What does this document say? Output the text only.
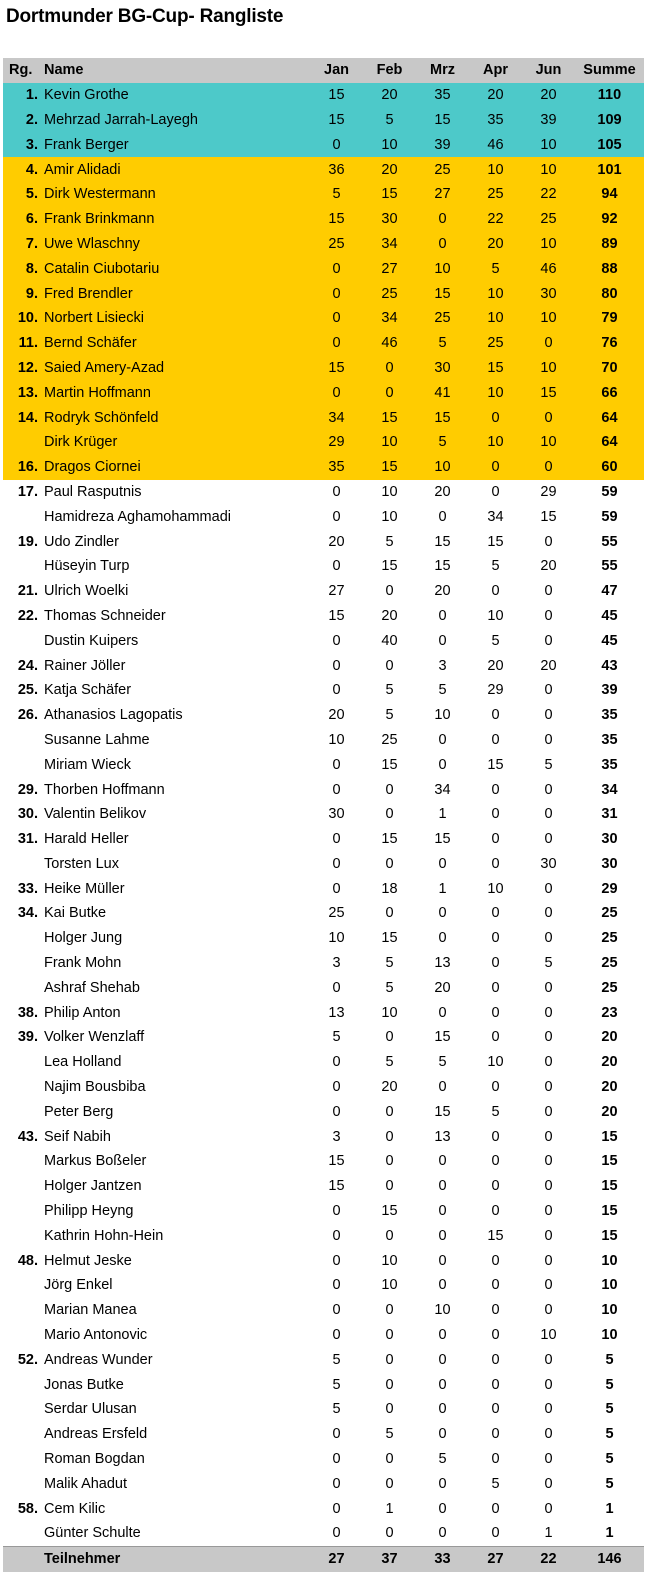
Dortmunder BG-Cup- Rangliste
Rg.	Name	Jan	Feb	Mrz	Apr	Jun	Summe
1.	Kevin Grothe	15	20	35	20	20	110
2.	Mehrzad Jarrah-Layegh	15	5	15	35	39	109
3.	Frank Berger	0	10	39	46	10	105
4.	Amir Alidadi	36	20	25	10	10	101
5.	Dirk Westermann	5	15	27	25	22	94
6.	Frank Brinkmann	15	30	0	22	25	92
7.	Uwe Wlaschny	25	34	0	20	10	89
8.	Catalin Ciubotariu	0	27	10	5	46	88
9.	Fred Brendler	0	25	15	10	30	80
10.	Norbert Lisiecki	0	34	25	10	10	79
11.	Bernd Schäfer	0	46	5	25	0	76
12.	Saied Amery-Azad	15	0	30	15	10	70
13.	Martin Hoffmann	0	0	41	10	15	66
14.	Rodryk Schönfeld	34	15	15	0	0	64
	Dirk Krüger	29	10	5	10	10	64
16.	Dragos Ciornei	35	15	10	0	0	60
17.	Paul Rasputnis	0	10	20	0	29	59
	Hamidreza Aghamohammadi	0	10	0	34	15	59
19.	Udo Zindler	20	5	15	15	0	55
	Hüseyin Turp	0	15	15	5	20	55
21.	Ulrich Woelki	27	0	20	0	0	47
22.	Thomas Schneider	15	20	0	10	0	45
	Dustin Kuipers	0	40	0	5	0	45
24.	Rainer Jöller	0	0	3	20	20	43
25.	Katja Schäfer	0	5	5	29	0	39
26.	Athanasios Lagopatis	20	5	10	0	0	35
	Susanne Lahme	10	25	0	0	0	35
	Miriam Wieck	0	15	0	15	5	35
29.	Thorben Hoffmann	0	0	34	0	0	34
30.	Valentin Belikov	30	0	1	0	0	31
31.	Harald Heller	0	15	15	0	0	30
	Torsten Lux	0	0	0	0	30	30
33.	Heike Müller	0	18	1	10	0	29
34.	Kai Butke	25	0	0	0	0	25
	Holger Jung	10	15	0	0	0	25
	Frank Mohn	3	5	13	0	5	25
	Ashraf Shehab	0	5	20	0	0	25
38.	Philip Anton	13	10	0	0	0	23
39.	Volker Wenzlaff	5	0	15	0	0	20
	Lea Holland	0	5	5	10	0	20
	Najim Bousbiba	0	20	0	0	0	20
	Peter Berg	0	0	15	5	0	20
43.	Seif Nabih	3	0	13	0	0	15
	Markus Boßeler	15	0	0	0	0	15
	Holger Jantzen	15	0	0	0	0	15
	Philipp Heyng	0	15	0	0	0	15
	Kathrin Hohn-Hein	0	0	0	15	0	15
48.	Helmut Jeske	0	10	0	0	0	10
	Jörg Enkel	0	10	0	0	0	10
	Marian Manea	0	0	10	0	0	10
	Mario Antonovic	0	0	0	0	10	10
52.	Andreas Wunder	5	0	0	0	0	5
	Jonas Butke	5	0	0	0	0	5
	Serdar Ulusan	5	0	0	0	0	5
	Andreas Ersfeld	0	5	0	0	0	5
	Roman Bogdan	0	0	5	0	0	5
	Malik Ahadut	0	0	0	5	0	5
58.	Cem Kilic	0	1	0	0	0	1
	Günter Schulte	0	0	0	0	1	1
	Teilnehmer	27	37	33	27	22	146
